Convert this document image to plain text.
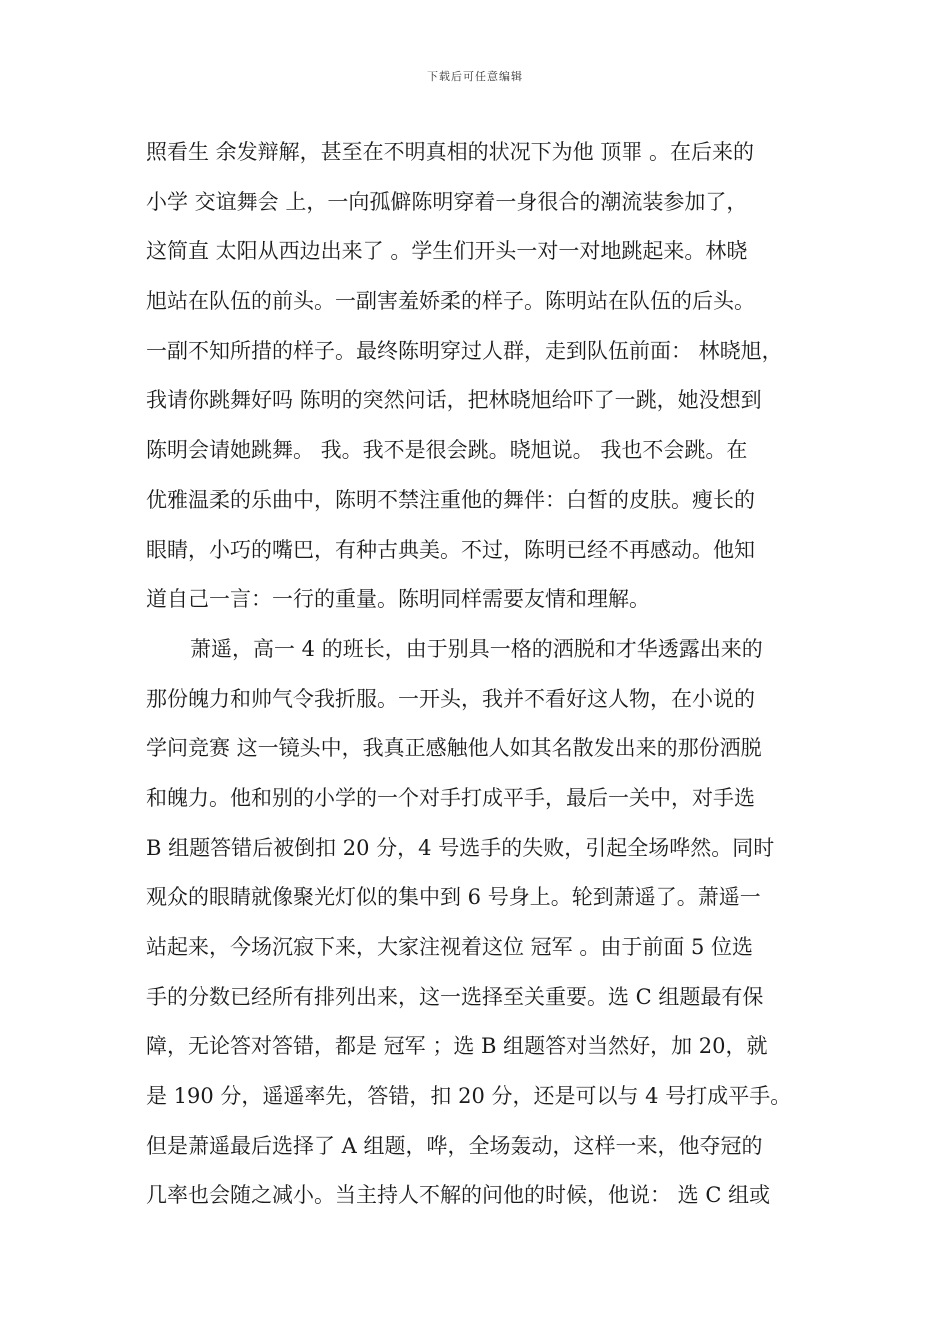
下载后可任意编辑
照看生 余发辩解，甚至在不明真相的状况下为他 顶罪 。在后来的
小学 交谊舞会 上，一向孤僻陈明穿着一身很合的潮流装参加了，
这简直 太阳从西边出来了 。学生们开头一对一对地跳起来。林晓
旭站在队伍的前头。一副害羞娇柔的样子。陈明站在队伍的后头。
一副不知所措的样子。最终陈明穿过人群，走到队伍前面： 林晓旭，
我请你跳舞好吗 陈明的突然问话，把林晓旭给吓了一跳，她没想到
陈明会请她跳舞。 我。我不是很会跳。晓旭说。 我也不会跳。在
优雅温柔的乐曲中，陈明不禁注重他的舞伴：白皙的皮肤。瘦长的
眼睛，小巧的嘴巴，有种古典美。不过，陈明已经不再感动。他知
道自己一言：一行的重量。陈明同样需要友情和理解。
萧遥，高一 4 的班长，由于别具一格的洒脱和才华透露出来的
那份魄力和帅气令我折服。一开头，我并不看好这人物，在小说的
学问竞赛 这一镜头中，我真正感触他人如其名散发出来的那份洒脱
和魄力。他和别的小学的一个对手打成平手，最后一关中，对手选
B 组题答错后被倒扣 20 分，4 号选手的失败，引起全场哗然。同时
观众的眼睛就像聚光灯似的集中到 6 号身上。轮到萧遥了。萧遥一
站起来，今场沉寂下来，大家注视着这位 冠军 。由于前面 5 位选
手的分数已经所有排列出来，这一选择至关重要。选 C 组题最有保
障，无论答对答错，都是 冠军 ；选 B 组题答对当然好，加 20，就
是 190 分，遥遥率先，答错，扣 20 分，还是可以与 4 号打成平手。
但是萧遥最后选择了 A 组题，哗，全场轰动，这样一来，他夺冠的
几率也会随之减小。当主持人不解的问他的时候，他说： 选 C 组或
